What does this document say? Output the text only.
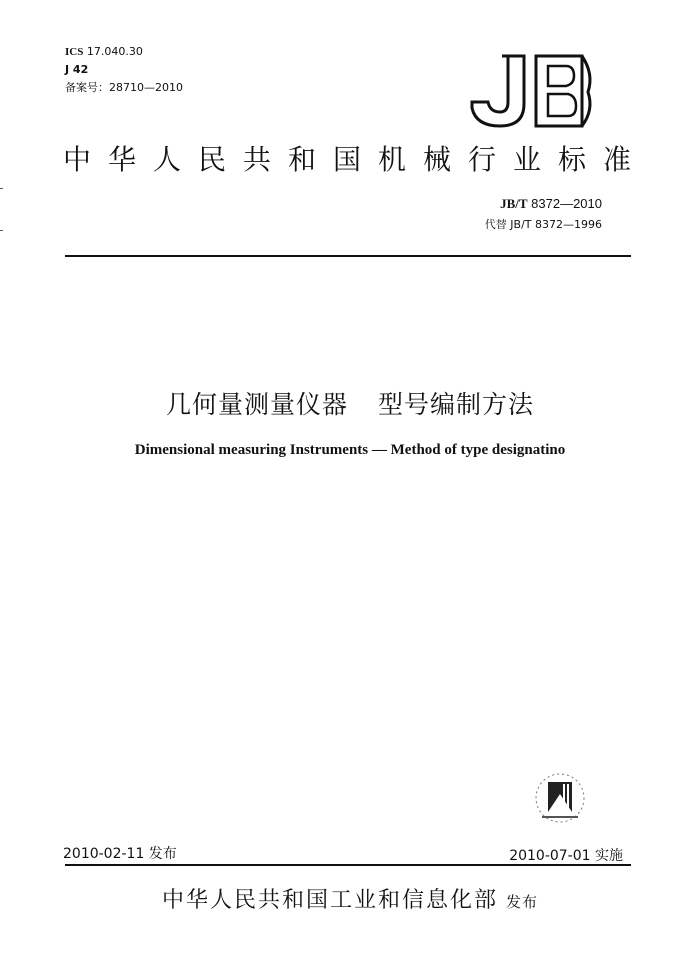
ICS 17.040.30
J 42
备案号：28710—2010
中华人民共和国机械行业标准
JB/T 8372—2010
代替 JB/T 8372—1996
几何量测量仪器 型号编制方法
Dimensional measuring Instruments — Method of type designatino
2010-02-11 发布	2010-07-01 实施
中华人民共和国工业和信息化部 发布
